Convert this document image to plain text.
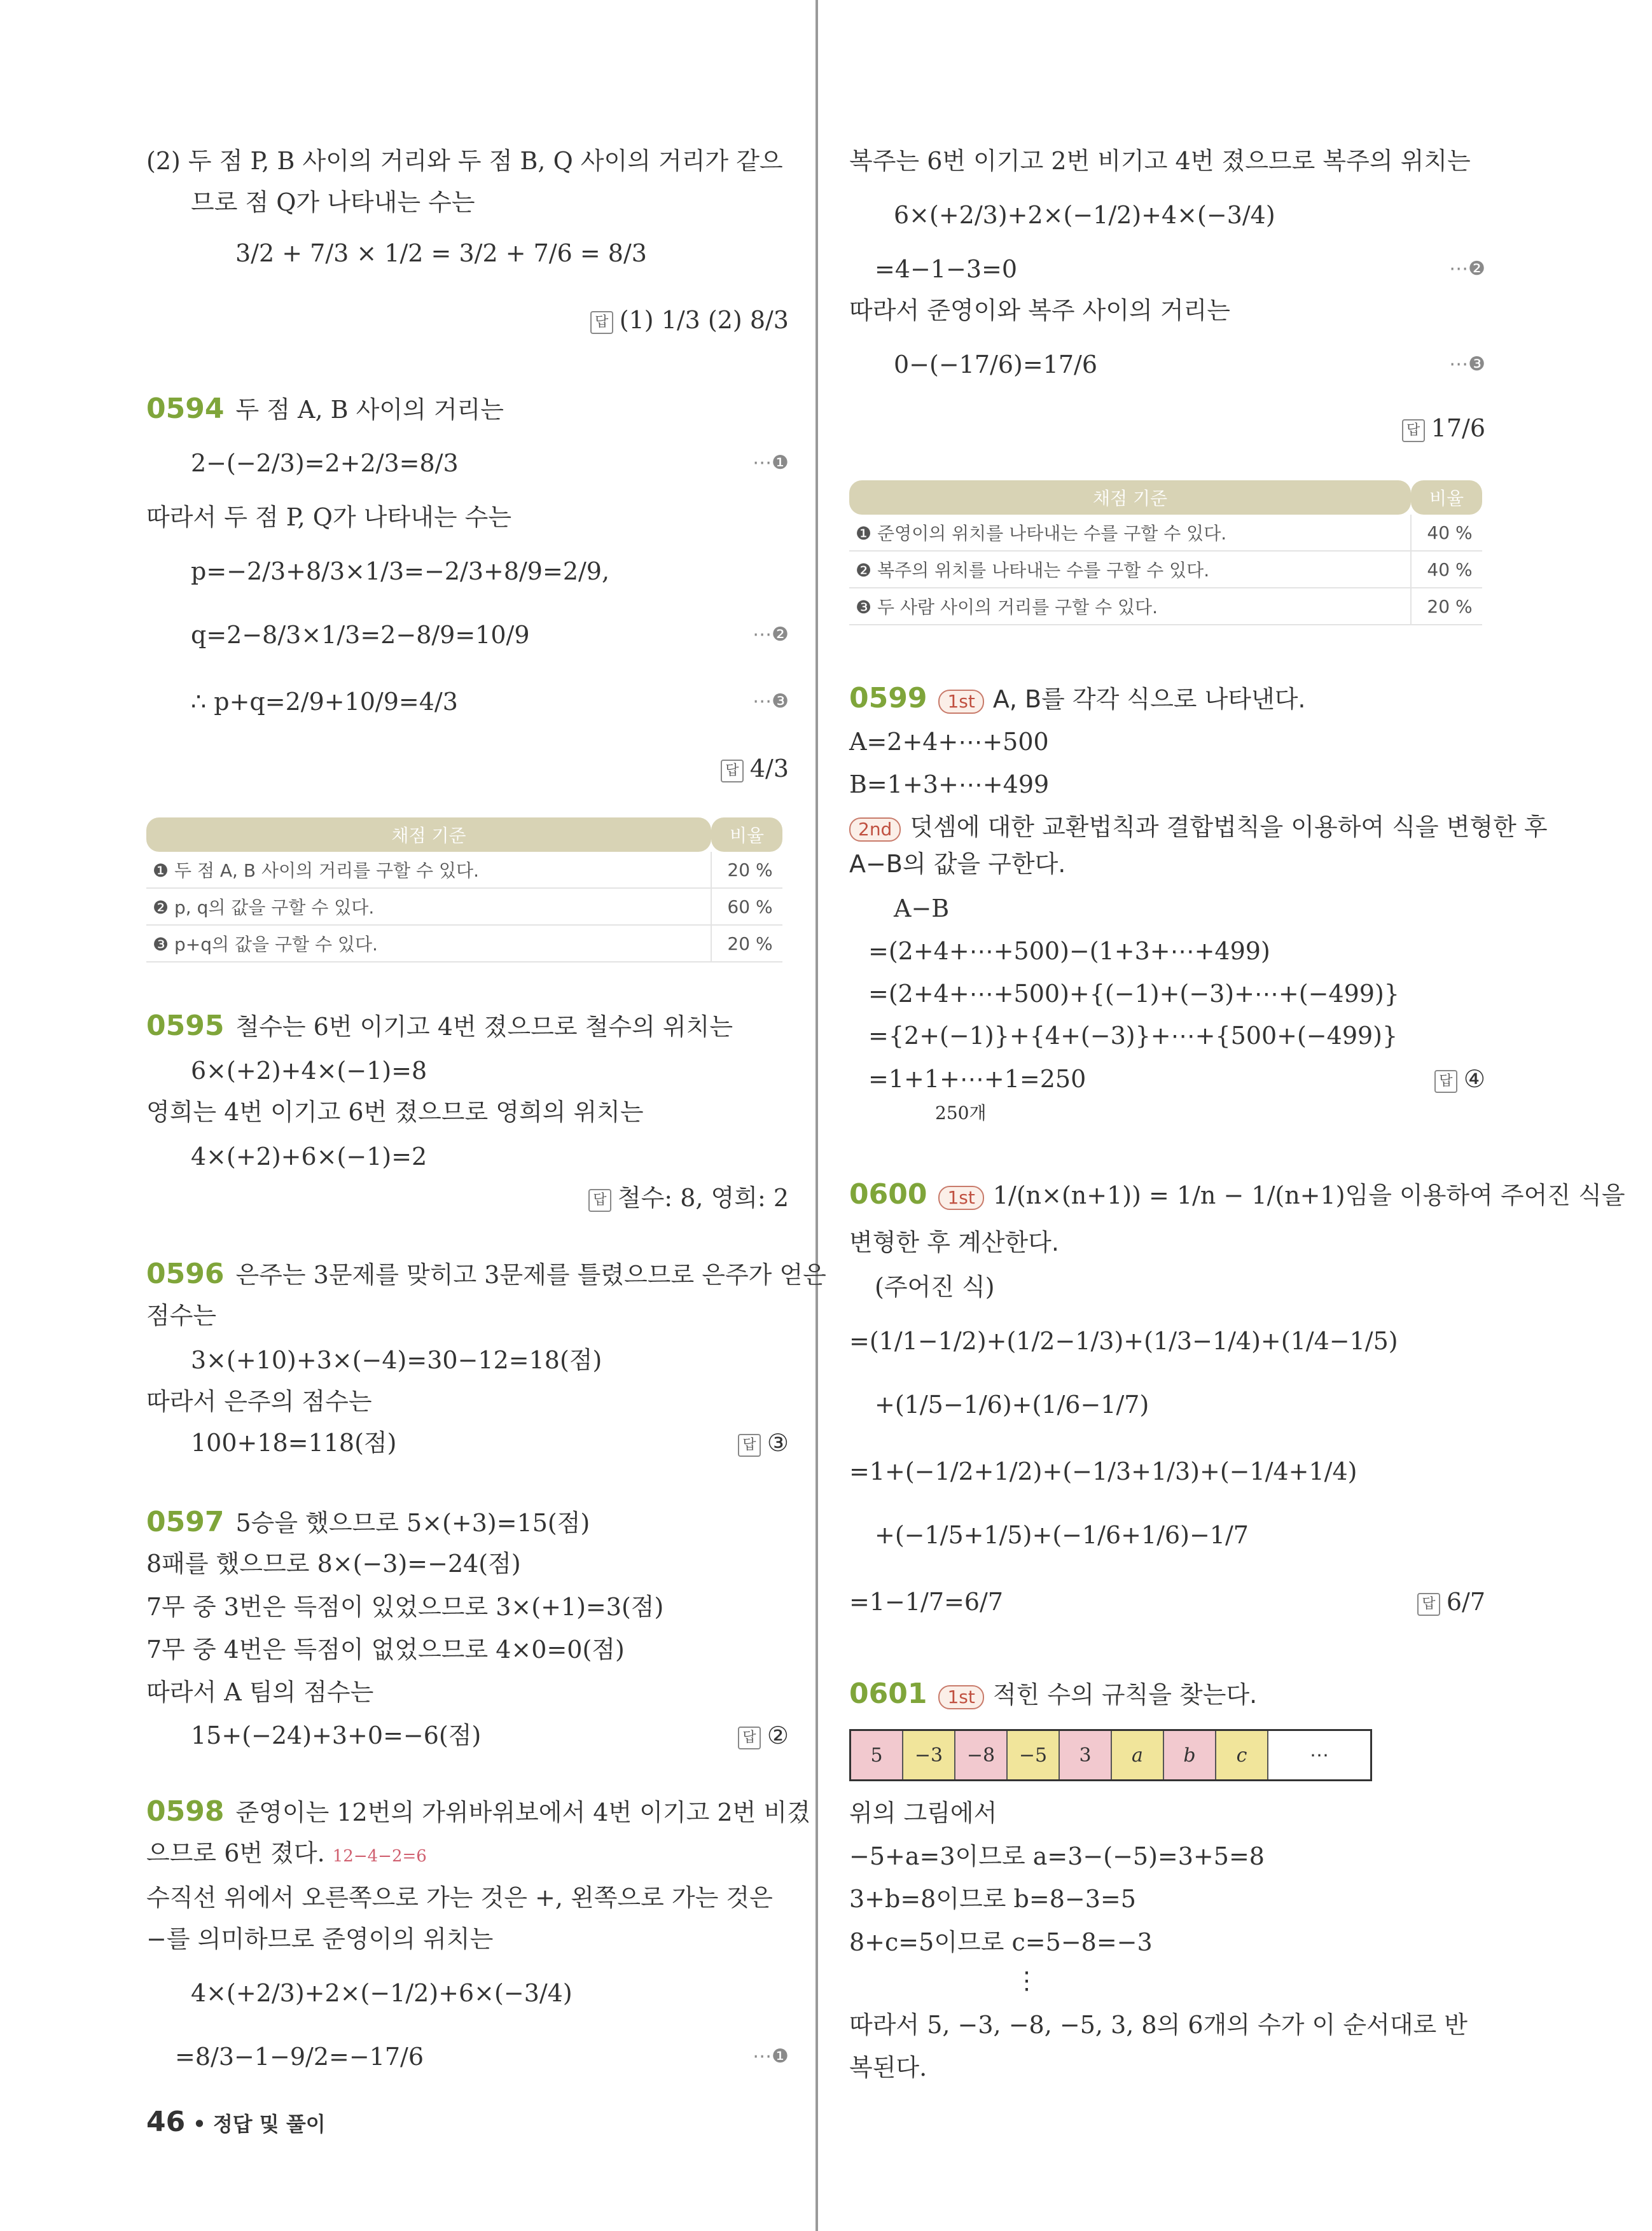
(2) 두 점 P, B 사이의 거리와 두 점 B, Q 사이의 거리가 같으
므로 점 Q가 나타내는 수는
3/2 + 7/3 × 1/2 = 3/2 + 7/6 = 8/3
답 (1) 1/3 (2) 8/3
0594 두 점 A, B 사이의 거리는
2−(−2/3)=2+2/3=8/3	⋯❶
따라서 두 점 P, Q가 나타내는 수는
p=−2/3+8/3×1/3=−2/3+8/9=2/9,
q=2−8/3×1/3=2−8/9=10/9	⋯❷
∴ p+q=2/9+10/9=4/3	⋯❸
답 4/3
채점 기준	비율
❶ 두 점 A, B 사이의 거리를 구할 수 있다.	20 %
❷ p, q의 값을 구할 수 있다.	60 %
❸ p+q의 값을 구할 수 있다.	20 %
0595 철수는 6번 이기고 4번 졌으므로 철수의 위치는
6×(+2)+4×(−1)=8
영희는 4번 이기고 6번 졌으므로 영희의 위치는
4×(+2)+6×(−1)=2
답 철수: 8, 영희: 2
0596 은주는 3문제를 맞히고 3문제를 틀렸으므로 은주가 얻은
점수는
3×(+10)+3×(−4)=30−12=18(점)
따라서 은주의 점수는
100+18=118(점)	답 ③
0597 5승을 했으므로 5×(+3)=15(점)
8패를 했으므로 8×(−3)=−24(점)
7무 중 3번은 득점이 있었으므로 3×(+1)=3(점)
7무 중 4번은 득점이 없었으므로 4×0=0(점)
따라서 A 팀의 점수는
15+(−24)+3+0=−6(점)	답 ②
0598 준영이는 12번의 가위바위보에서 4번 이기고 2번 비겼
으므로 6번 졌다. 12−4−2=6
수직선 위에서 오른쪽으로 가는 것은 +, 왼쪽으로 가는 것은
−를 의미하므로 준영이의 위치는
4×(+2/3)+2×(−1/2)+6×(−3/4)
=8/3−1−9/2=−17/6	⋯❶
46 • 정답 및 풀이
복주는 6번 이기고 2번 비기고 4번 졌으므로 복주의 위치는
6×(+2/3)+2×(−1/2)+4×(−3/4)
=4−1−3=0	⋯❷
따라서 준영이와 복주 사이의 거리는
0−(−17/6)=17/6	⋯❸
답 17/6
채점 기준	비율
❶ 준영이의 위치를 나타내는 수를 구할 수 있다.	40 %
❷ 복주의 위치를 나타내는 수를 구할 수 있다.	40 %
❸ 두 사람 사이의 거리를 구할 수 있다.	20 %
0599 1st A, B를 각각 식으로 나타낸다.
A=2+4+⋯+500
B=1+3+⋯+499
2nd 덧셈에 대한 교환법칙과 결합법칙을 이용하여 식을 변형한 후
A−B의 값을 구한다.
A−B
=(2+4+⋯+500)−(1+3+⋯+499)
=(2+4+⋯+500)+{(−1)+(−3)+⋯+(−499)}
={2+(−1)}+{4+(−3)}+⋯+{500+(−499)}
=1+1+⋯+1=250
250개
답 ④
0600 1st 1/(n×(n+1)) = 1/n − 1/(n+1)임을 이용하여 주어진 식을
변형한 후 계산한다.
(주어진 식)
=(1/1−1/2)+(1/2−1/3)+(1/3−1/4)+(1/4−1/5)
+(1/5−1/6)+(1/6−1/7)
=1+(−1/2+1/2)+(−1/3+1/3)+(−1/4+1/4)
+(−1/5+1/5)+(−1/6+1/6)−1/7
=1−1/7=6/7	답 6/7
0601 1st 적힌 수의 규칙을 찾는다.
5	−3	−8	−5	3	a	b	c	⋯
위의 그림에서
−5+a=3이므로 a=3−(−5)=3+5=8
3+b=8이므로 b=8−3=5
8+c=5이므로 c=5−8=−3
⋮
따라서 5, −3, −8, −5, 3, 8의 6개의 수가 이 순서대로 반
복된다.
